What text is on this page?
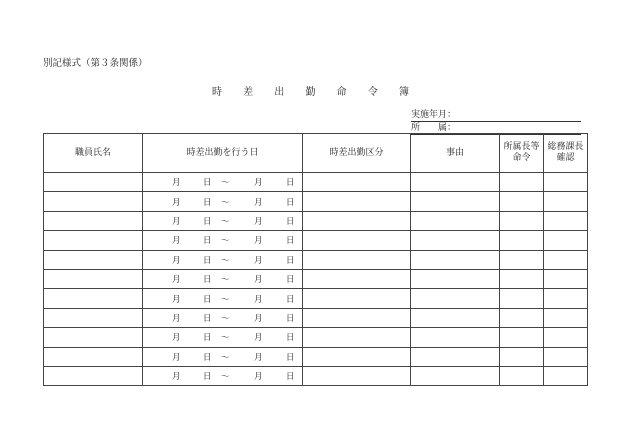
別記様式（第３条関係）
時 差 出 勤 命 令 簿
実施年月：
所　　属：
職員氏名	時差出勤を行う日	時差出勤区分	事由	所属長等命令	総務課長確認

	月 日 ～ 月 日				

	月 日 ～ 月 日				

	月 日 ～ 月 日				

	月 日 ～ 月 日				

	月 日 ～ 月 日				

	月 日 ～ 月 日				

	月 日 ～ 月 日				

	月 日 ～ 月 日				

	月 日 ～ 月 日				

	月 日 ～ 月 日				

	月 日 ～ 月 日				
